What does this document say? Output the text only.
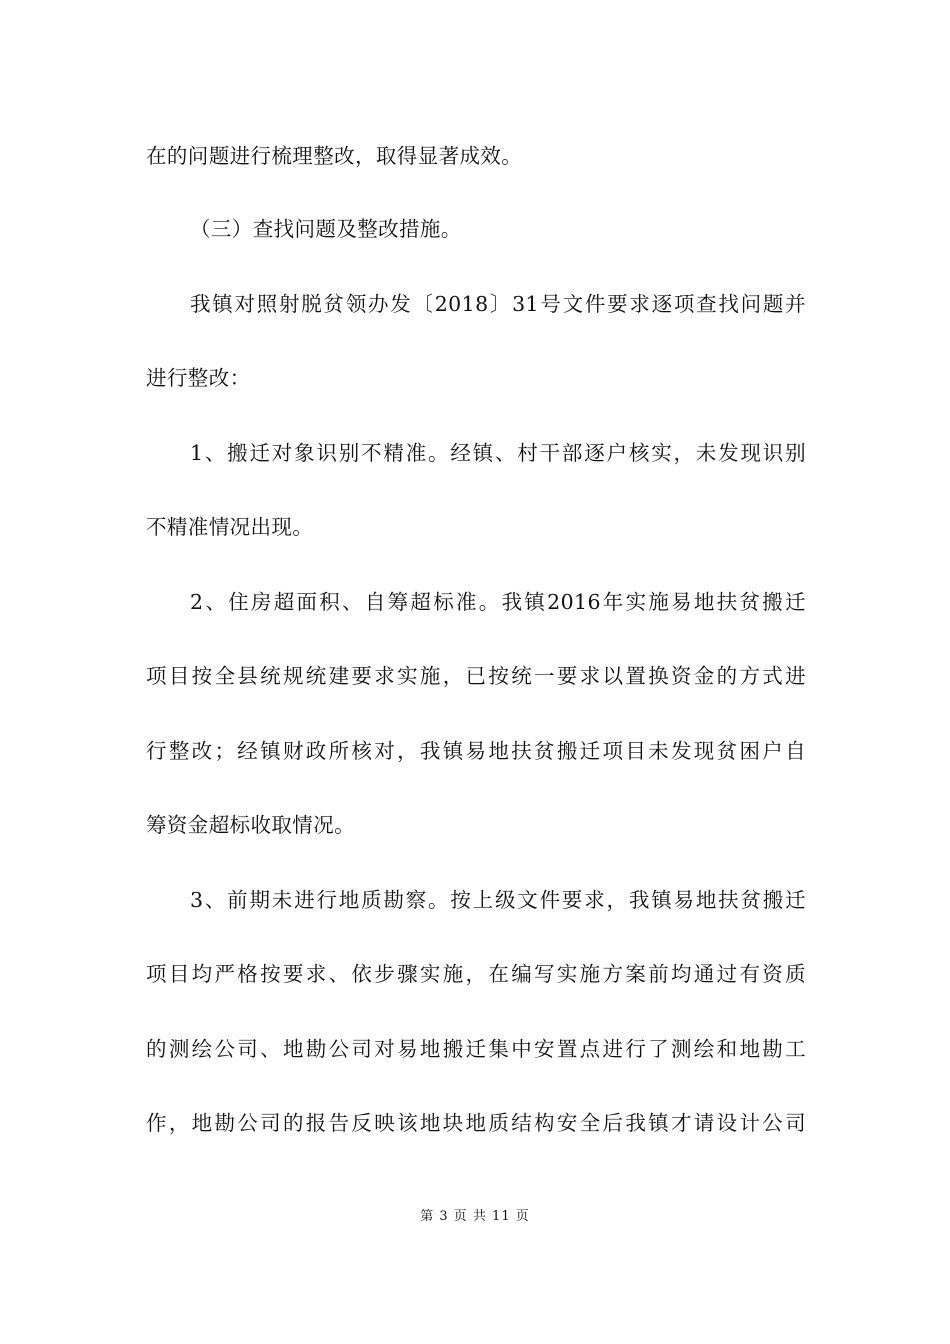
在的问题进行梳理整改，取得显著成效。
（三）查找问题及整改措施。
我镇对照射脱贫领办发〔2018〕31号文件要求逐项查找问题并
进行整改：
1、搬迁对象识别不精准。经镇、村干部逐户核实，未发现识别
不精准情况出现。
2、住房超面积、自筹超标准。我镇2016年实施易地扶贫搬迁
项目按全县统规统建要求实施，已按统一要求以置换资金的方式进
行整改；经镇财政所核对，我镇易地扶贫搬迁项目未发现贫困户自
筹资金超标收取情况。
3、前期未进行地质勘察。按上级文件要求，我镇易地扶贫搬迁
项目均严格按要求、依步骤实施，在编写实施方案前均通过有资质
的测绘公司、地勘公司对易地搬迁集中安置点进行了测绘和地勘工
作，地勘公司的报告反映该地块地质结构安全后我镇才请设计公司
第 3 页 共 11 页
